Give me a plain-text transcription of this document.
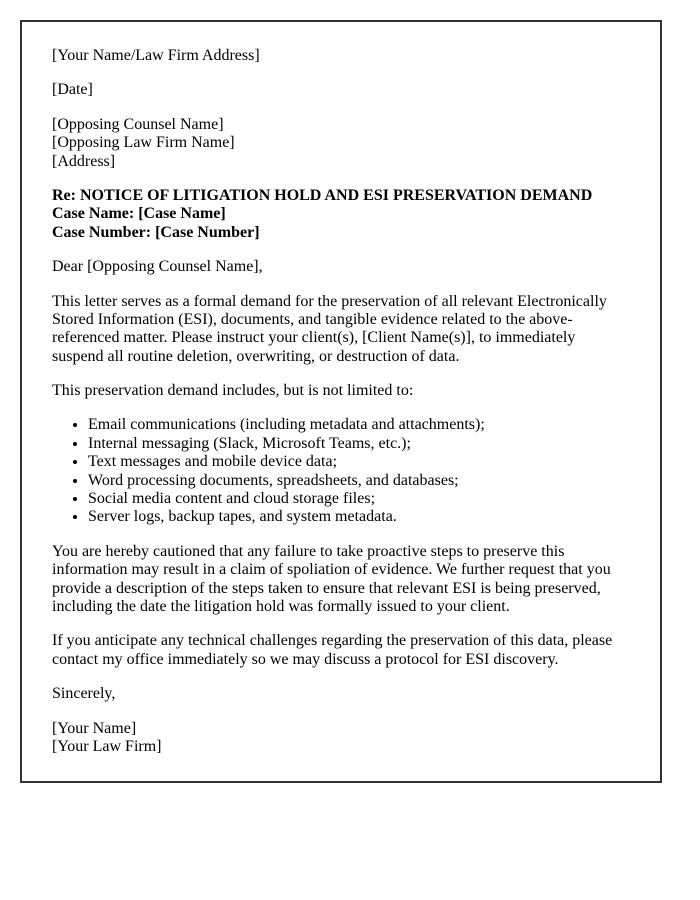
[Your Name/Law Firm Address]

[Date]

[Opposing Counsel Name]
[Opposing Law Firm Name]
[Address]
Re: NOTICE OF LITIGATION HOLD AND ESI PRESERVATION DEMAND
Case Name: [Case Name]
Case Number: [Case Number]

Dear [Opposing Counsel Name],

This letter serves as a formal demand for the preservation of all relevant Electronically Stored Information (ESI), documents, and tangible evidence related to the above-referenced matter. Please instruct your client(s), [Client Name(s)], to immediately suspend all routine deletion, overwriting, or destruction of data.

This preservation demand includes, but is not limited to:

• Email communications (including metadata and attachments);
• Internal messaging (Slack, Microsoft Teams, etc.);
• Text messages and mobile device data;
• Word processing documents, spreadsheets, and databases;
• Social media content and cloud storage files;
• Server logs, backup tapes, and system metadata.

You are hereby cautioned that any failure to take proactive steps to preserve this information may result in a claim of spoliation of evidence. We further request that you provide a description of the steps taken to ensure that relevant ESI is being preserved, including the date the litigation hold was formally issued to your client.

If you anticipate any technical challenges regarding the preservation of this data, please contact my office immediately so we may discuss a protocol for ESI discovery.

Sincerely,

[Your Name]
[Your Law Firm]
